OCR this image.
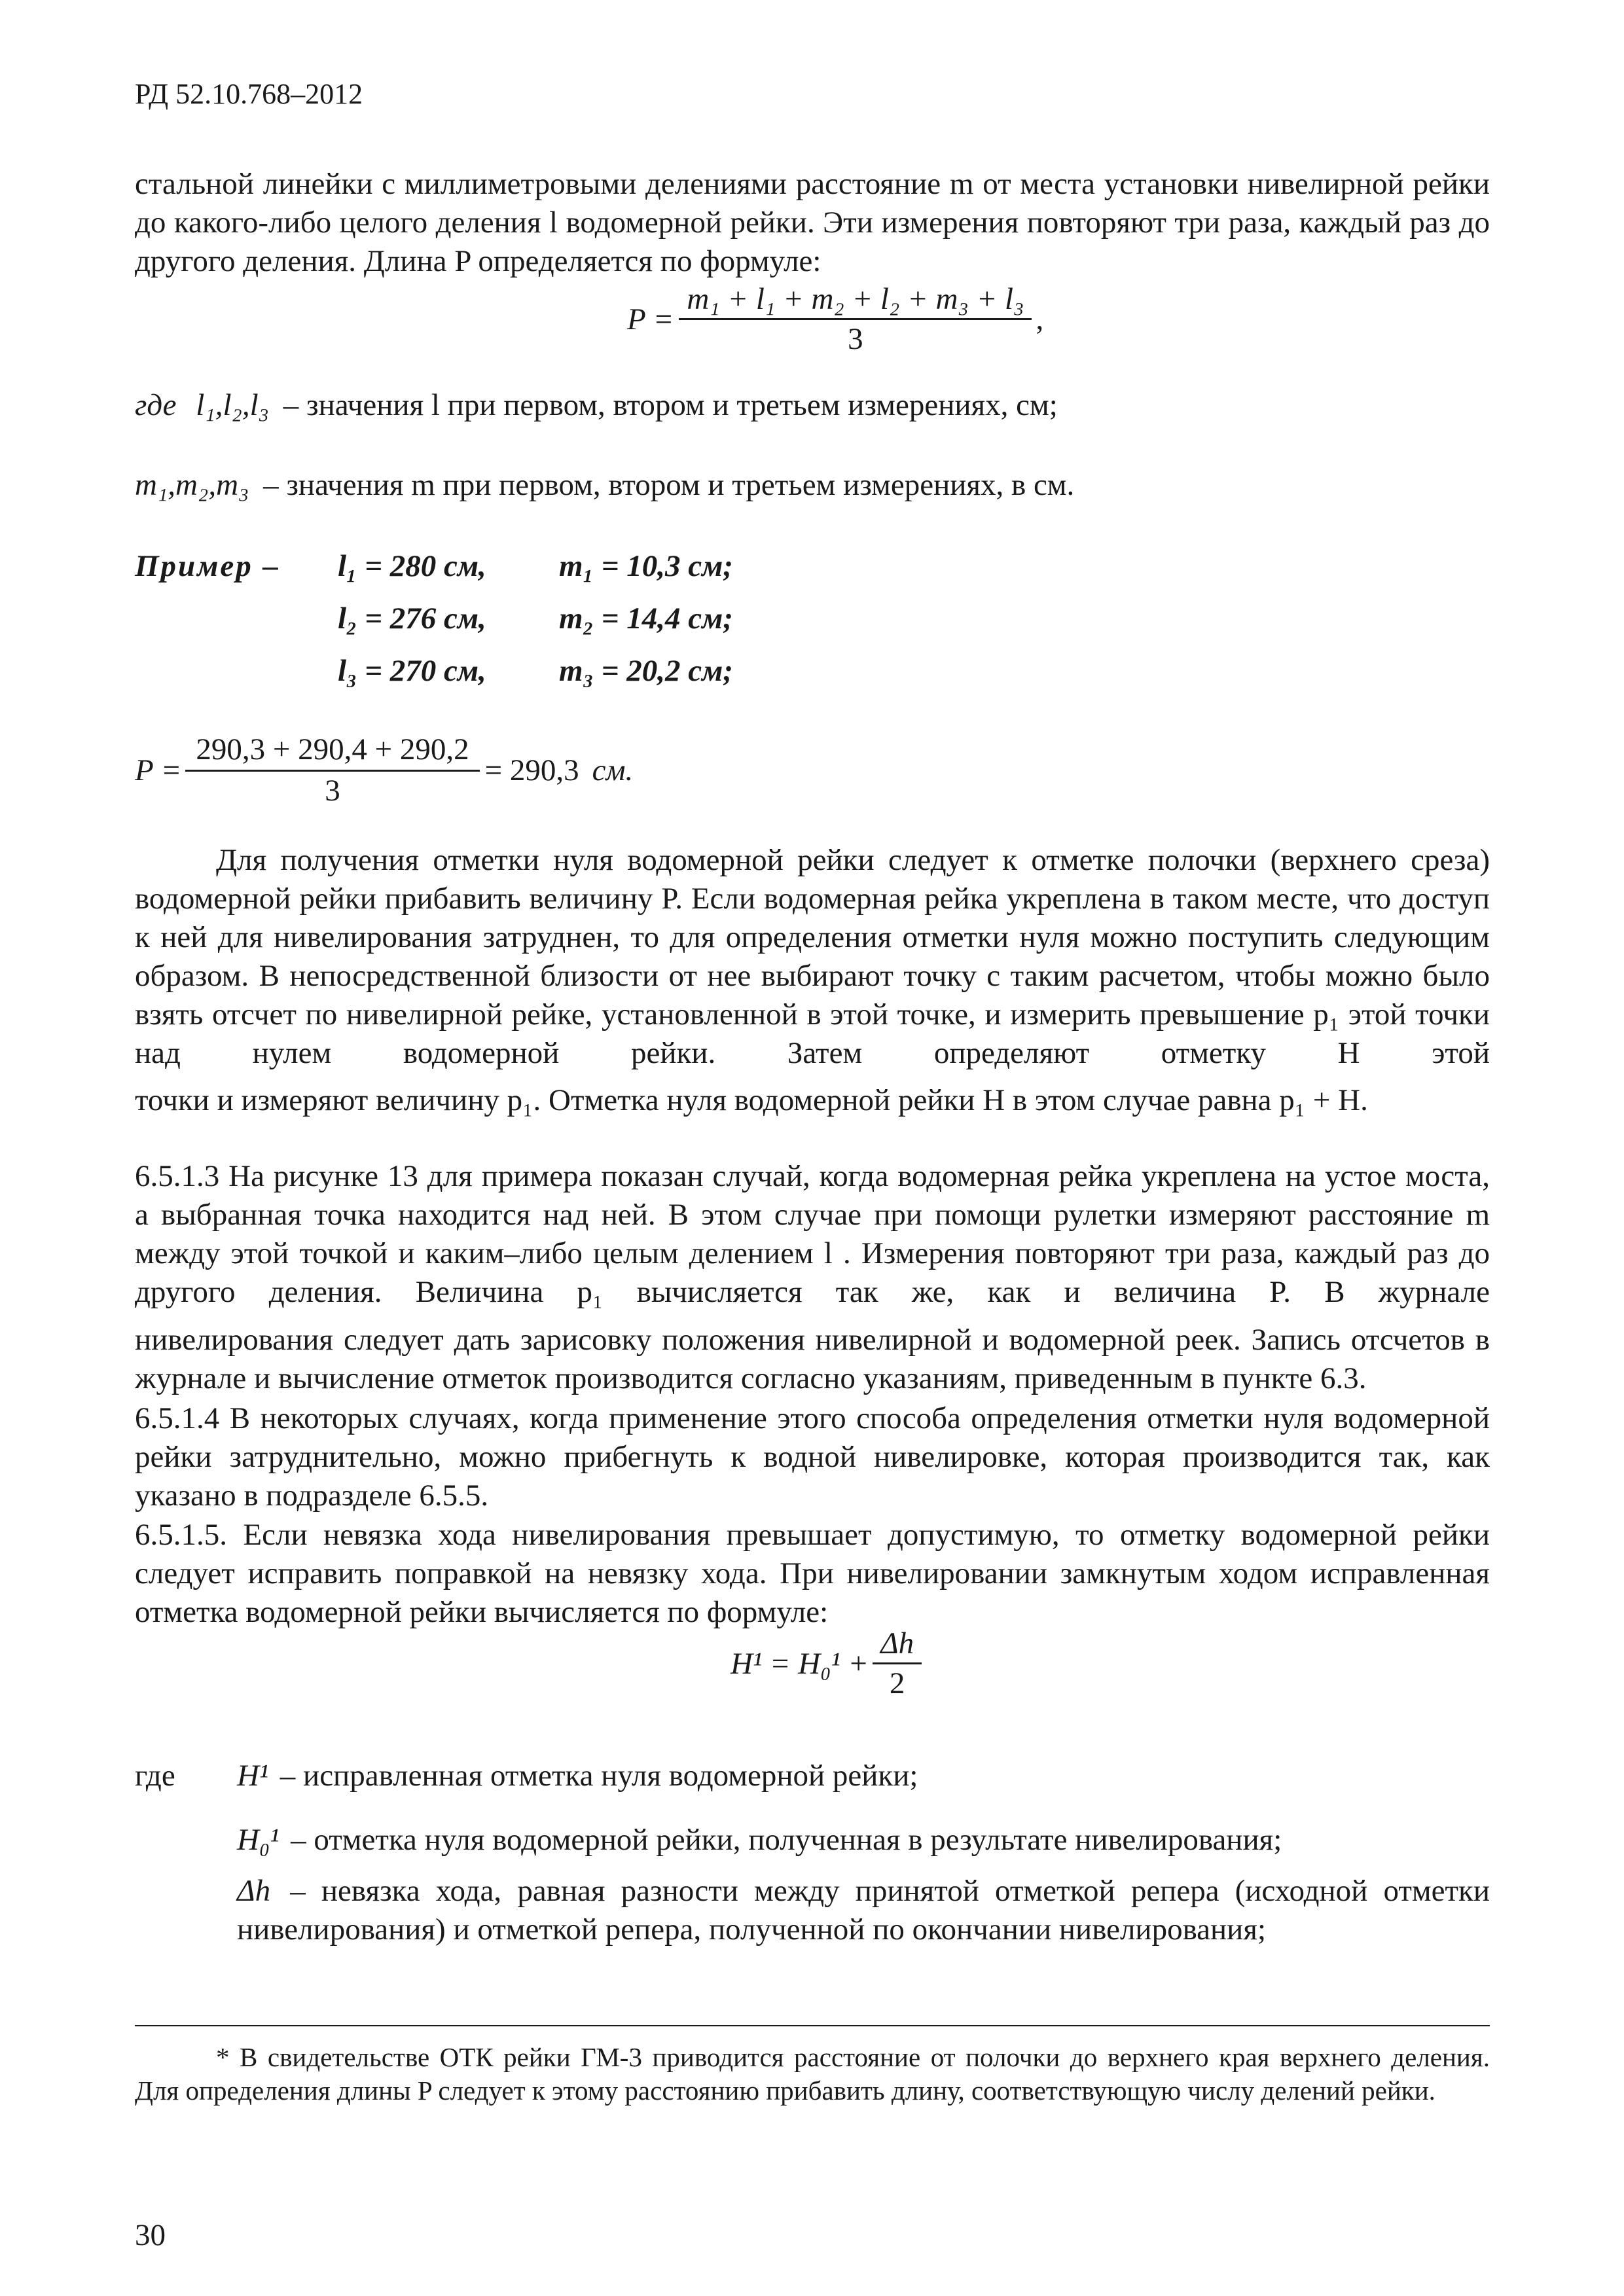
РД 52.10.768–2012
стальной линейки с миллиметровыми делениями расстояние m от места установки нивелирной рейки до какого-либо целого деления l водомерной рейки. Эти измерения повторяют три раза, каждый раз до другого деления. Длина P определяется по формуле:
$P = \frac{\text{m₁ + l₁ + m₂ + l₂ + m₃ + l₃}}{3}$ ,
где l₁,l₂,l₃ – значения l при первом, втором и третьем измерениях, см;
m₁,m₂,m₃ – значения m при первом, втором и третьем измерениях, в см.
Пример – l₁ = 280 см, m₁ = 10,3 см;
l₂ = 276 см, m₂ = 14,4 см;
l₃ = 270 см, m₃ = 20,2 см;
$P = \frac{290,3 + 290,4 + 290,2}{3} = 290,3$ см.
Для получения отметки нуля водомерной рейки следует к отметке полочки (верхнего среза) водомерной рейки прибавить величину P. Если водомерная рейка укреплена в таком месте, что доступ к ней для нивелирования затруднен, то для определения отметки нуля можно поступить следующим образом. В непосредственной близости от нее выбирают точку с таким расчетом, чтобы можно было взять отсчет по нивелирной рейке, установленной в этой точке, и измерить превышение p₁ этой точки над нулем водомерной рейки. Затем определяют отметку H этой
точки и измеряют величину p₁. Отметка нуля водомерной рейки H в этом случае равна p₁ + H.
6.5.1.3 На рисунке 13 для примера показан случай, когда водомерная рейка укреплена на устое моста, а выбранная точка находится над ней. В этом случае при помощи рулетки измеряют расстояние m между этой точкой и каким–либо целым делением l . Измерения повторяют три раза, каждый раз до другого деления. Величина p₁ вычисляется так же, как и величина P. В журнале
нивелирования следует дать зарисовку положения нивелирной и водомерной реек. Запись отсчетов в журнале и вычисление отметок производится согласно указаниям, приведенным в пункте 6.3.
6.5.1.4 В некоторых случаях, когда применение этого способа определения отметки нуля водомерной рейки затруднительно, можно прибегнуть к водной нивелировке, которая производится так, как указано в подразделе 6.5.5.
6.5.1.5. Если невязка хода нивелирования превышает допустимую, то отметку водомерной рейки следует исправить поправкой на невязку хода. При нивелировании замкнутым ходом исправленная отметка водомерной рейки вычисляется по формуле:
$H^1 = H_0^1 + \frac{\Delta h}{2}$
где H¹ – исправленная отметка нуля водомерной рейки;
H₀¹ – отметка нуля водомерной рейки, полученная в результате нивелирования;
Δh – невязка хода, равная разности между принятой отметкой репера (исходной отметки нивелирования) и отметкой репера, полученной по окончании нивелирования;
* В свидетельстве ОТК рейки ГМ-3 приводится расстояние от полочки до верхнего края верхнего деления. Для определения длины P следует к этому расстоянию прибавить длину, соответствующую числу делений рейки.
30
